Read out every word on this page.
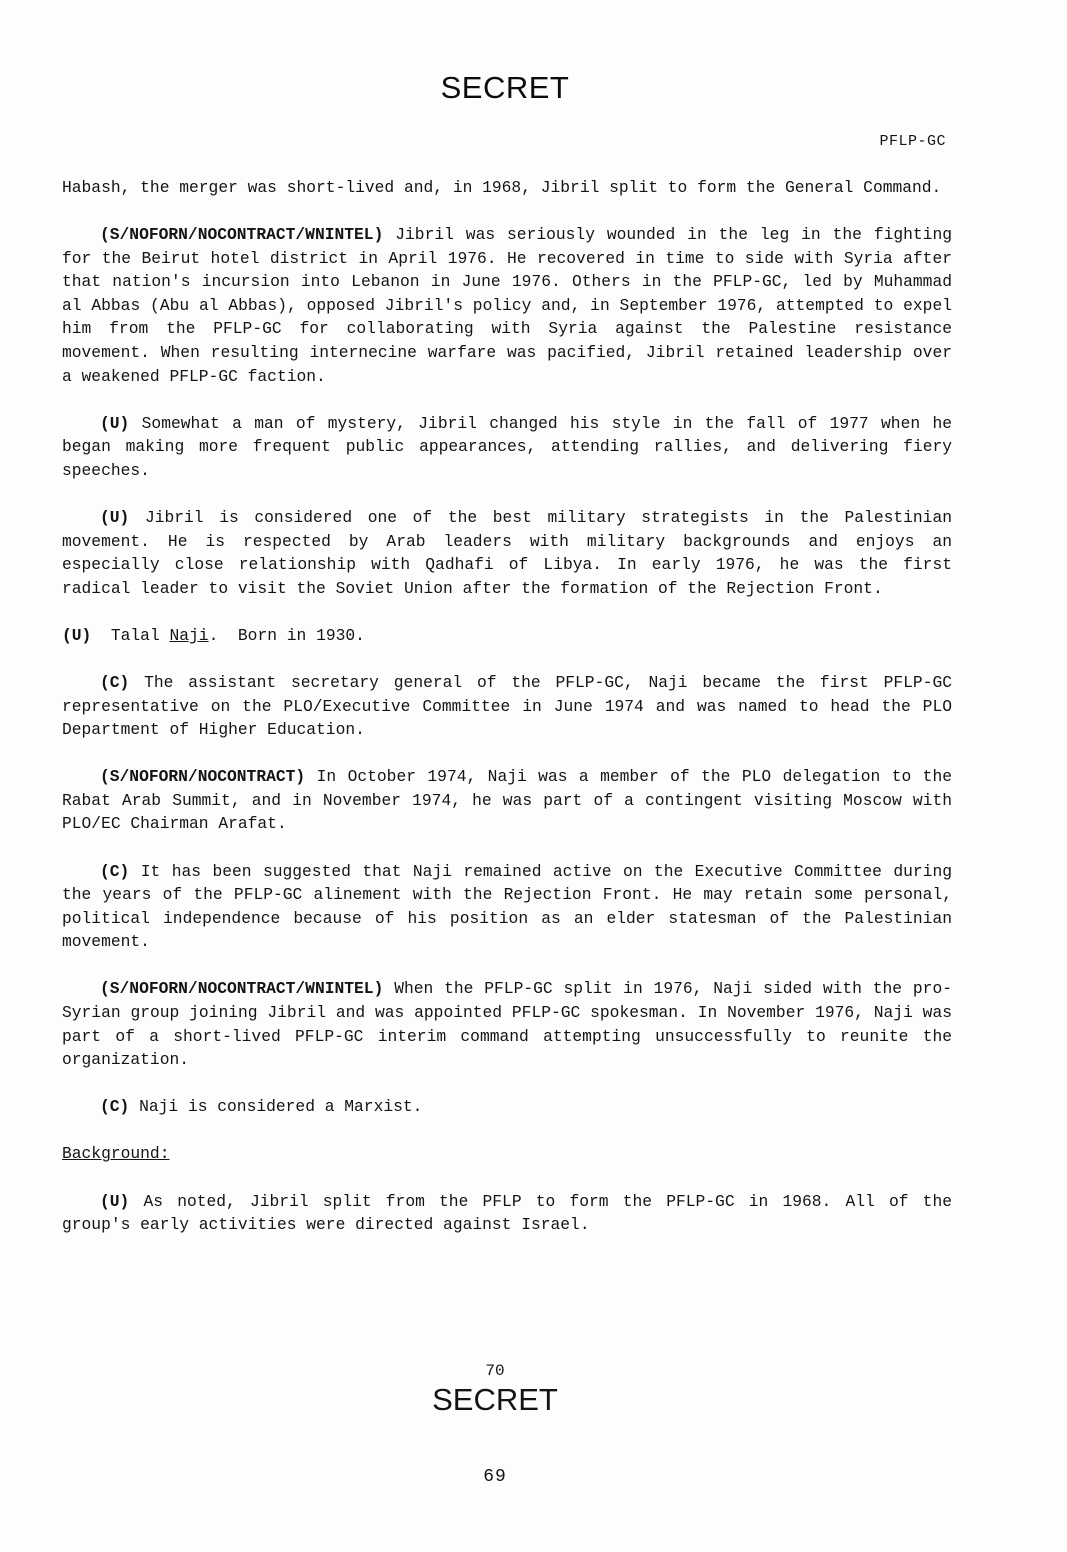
SECRET
PFLP-GC

Habash, the merger was short-lived and, in 1968, Jibril split to form the General Command.

(S/NOFORN/NOCONTRACT/WNINTEL) Jibril was seriously wounded in the leg in the fighting for the Beirut hotel district in April 1976. He recovered in time to side with Syria after that nation's incursion into Lebanon in June 1976. Others in the PFLP-GC, led by Muhammad al Abbas (Abu al Abbas), opposed Jibril's policy and, in September 1976, attempted to expel him from the PFLP-GC for collaborating with Syria against the Palestine resistance movement. When resulting internecine warfare was pacified, Jibril retained leadership over a weakened PFLP-GC faction.

(U) Somewhat a man of mystery, Jibril changed his style in the fall of 1977 when he began making more frequent public appearances, attending rallies, and delivering fiery speeches.

(U) Jibril is considered one of the best military strategists in the Palestinian movement. He is respected by Arab leaders with military backgrounds and enjoys an especially close relationship with Qadhafi of Libya. In early 1976, he was the first radical leader to visit the Soviet Union after the formation of the Rejection Front.

(U) Talal Naji.  Born in 1930.

(C) The assistant secretary general of the PFLP-GC, Naji became the first PFLP-GC representative on the PLO/Executive Committee in June 1974 and was named to head the PLO Department of Higher Education.

(S/NOFORN/NOCONTRACT) In October 1974, Naji was a member of the PLO delegation to the Rabat Arab Summit, and in November 1974, he was part of a contingent visiting Moscow with PLO/EC Chairman Arafat.

(C) It has been suggested that Naji remained active on the Executive Committee during the years of the PFLP-GC alinement with the Rejection Front. He may retain some personal, political independence because of his position as an elder statesman of the Palestinian movement.

(S/NOFORN/NOCONTRACT/WNINTEL) When the PFLP-GC split in 1976, Naji sided with the pro-Syrian group joining Jibril and was appointed PFLP-GC spokesman. In November 1976, Naji was part of a short-lived PFLP-GC interim command attempting unsuccessfully to reunite the organization.

(C) Naji is considered a Marxist.

Background:

(U) As noted, Jibril split from the PFLP to form the PFLP-GC in 1968. All of the group's early activities were directed against Israel.

70
SECRET
69
